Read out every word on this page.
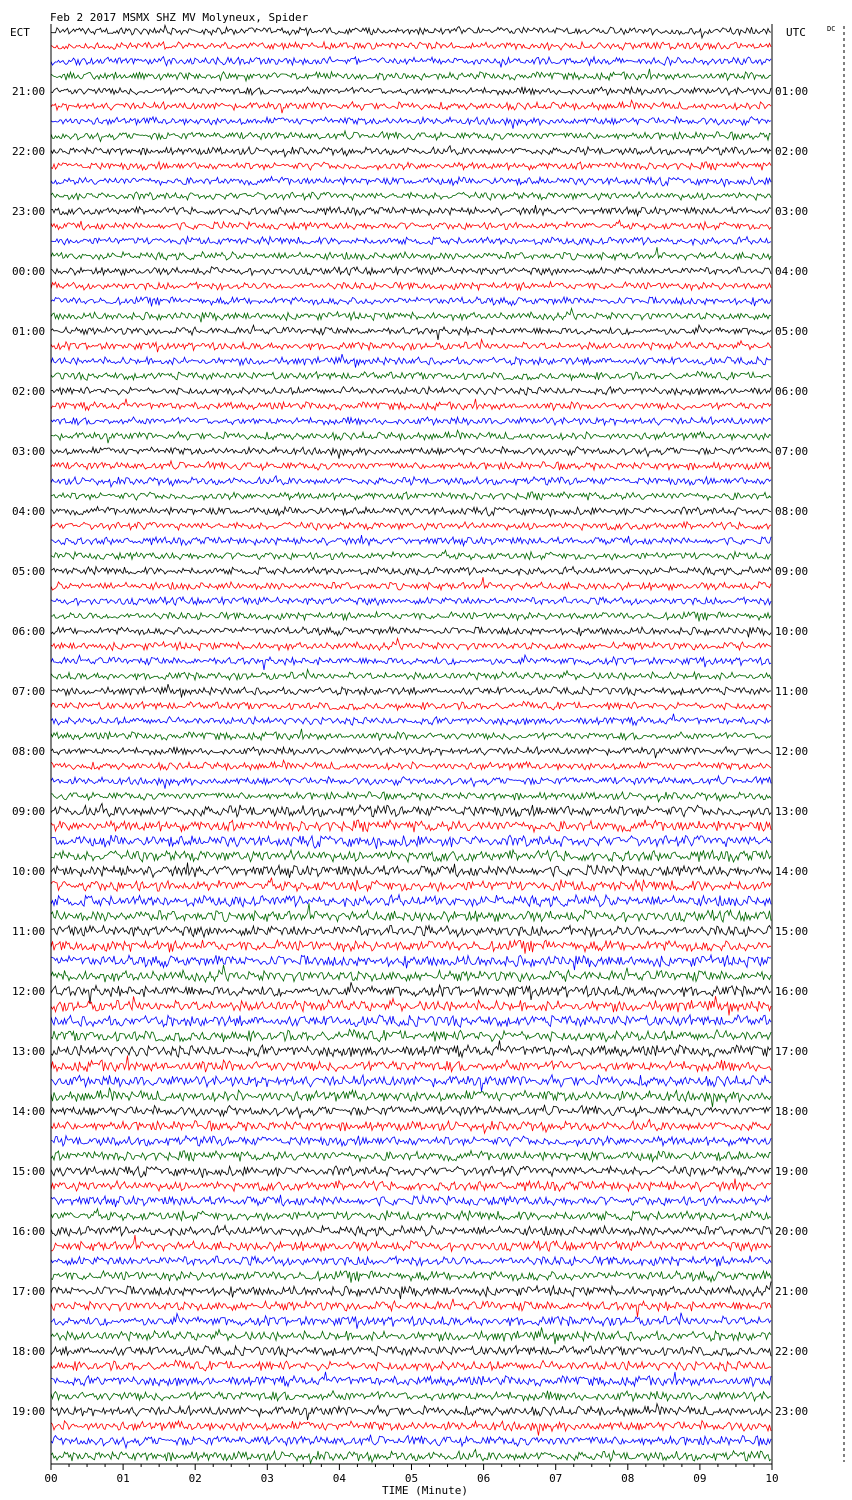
Feb 2 2017 MSMX SHZ MV Molyneux, Spider
ECT	UTC	DC
21:00
22:00
23:00
00:00
01:00
02:00
03:00
04:00
05:00
06:00
07:00
08:00
09:00
10:00
11:00
12:00
13:00
14:00
15:00
16:00
17:00
18:00
19:00
01:00
02:00
03:00
04:00
05:00
06:00
07:00
08:00
09:00
10:00
11:00
12:00
13:00
14:00
15:00
16:00
17:00
18:00
19:00
20:00
21:00
22:00
23:00
00	01	02	03	04	05	06	07	08	09	10
TIME (Minute)
